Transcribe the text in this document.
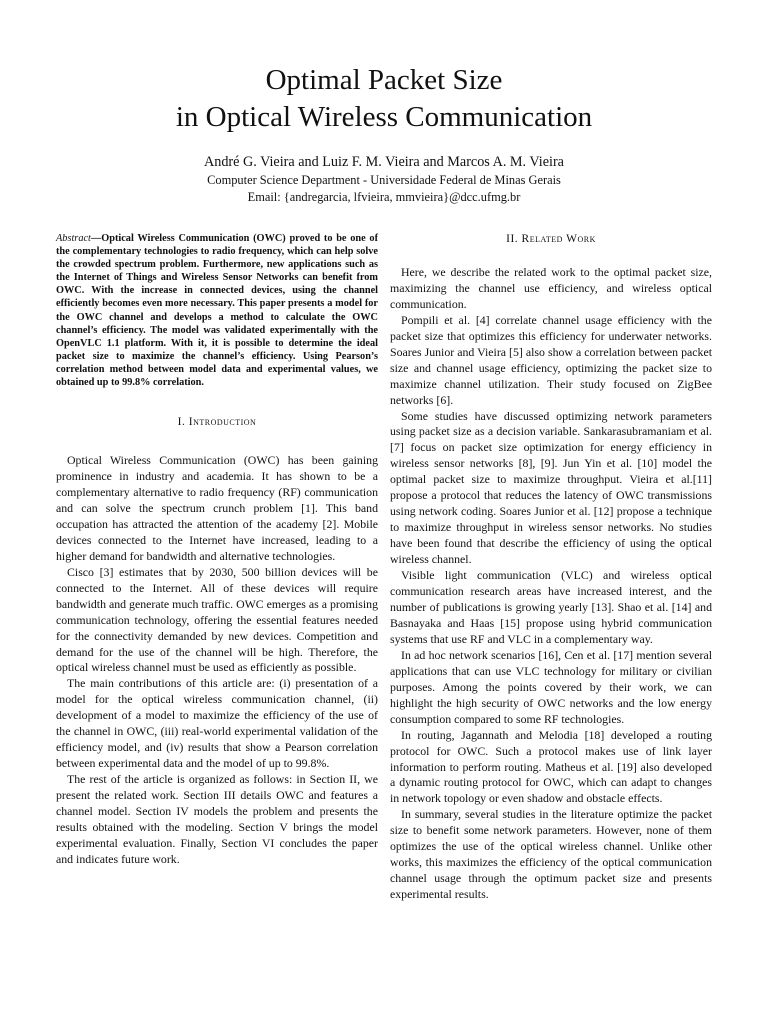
Optimal Packet Size
in Optical Wireless Communication
André G. Vieira and Luiz F. M. Vieira and Marcos A. M. Vieira
Computer Science Department - Universidade Federal de Minas Gerais
Email: {andregarcia, lfvieira, mmvieira}@dcc.ufmg.br

Abstract—Optical Wireless Communication (OWC) proved to be one of the complementary technologies to radio frequency, which can help solve the crowded spectrum problem. Furthermore, new applications such as the Internet of Things and Wireless Sensor Networks can benefit from OWC. With the increase in connected devices, using the channel efficiently becomes even more necessary. This paper presents a model for the OWC channel and develops a method to calculate the OWC channel’s efficiency. The model was validated experimentally with the OpenVLC 1.1 platform. With it, it is possible to determine the ideal packet size to maximize the channel’s efficiency. Using Pearson’s correlation method between model data and experimental values, we obtained up to 99.8% correlation.

I. Introduction

Optical Wireless Communication (OWC) has been gaining prominence in industry and academia. It has shown to be a complementary alternative to radio frequency (RF) communication and can solve the spectrum crunch problem [1]. This band occupation has attracted the attention of the academy [2]. Mobile devices connected to the Internet have increased, leading to a higher demand for bandwidth and alternative technologies.

Cisco [3] estimates that by 2030, 500 billion devices will be connected to the Internet. All of these devices will require bandwidth and generate much traffic. OWC emerges as a promising communication technology, offering the essential features needed for the connectivity demanded by new devices. Competition and demand for the use of the channel will be high. Therefore, the optical wireless channel must be used as efficiently as possible.

The main contributions of this article are: (i) presentation of a model for the optical wireless communication channel, (ii) development of a model to maximize the efficiency of the use of the channel in OWC, (iii) real-world experimental validation of the efficiency model, and (iv) results that show a Pearson correlation between experimental data and the model of up to 99.8%.

The rest of the article is organized as follows: in Section II, we present the related work. Section III details OWC and features a channel model. Section IV models the problem and presents the results obtained with the modeling. Section V brings the model experimental evaluation. Finally, Section VI concludes the paper and indicates future work.

II. Related Work

Here, we describe the related work to the optimal packet size, maximizing the channel use efficiency, and wireless optical communication.

Pompili et al. [4] correlate channel usage efficiency with the packet size that optimizes this efficiency for underwater networks. Soares Junior and Vieira [5] also show a correlation between packet size and channel usage efficiency, optimizing the packet size to maximize channel utilization. Their study focused on ZigBee networks [6].

Some studies have discussed optimizing network parameters using packet size as a decision variable. Sankarasubramaniam et al. [7] focus on packet size optimization for energy efficiency in wireless sensor networks [8], [9]. Jun Yin et al. [10] model the optimal packet size to maximize throughput. Vieira et al.[11] propose a protocol that reduces the latency of OWC transmissions using network coding. Soares Junior et al. [12] propose a technique to maximize throughput in wireless sensor networks. No studies have been found that describe the efficiency of using the optical wireless channel.

Visible light communication (VLC) and wireless optical communication research areas have increased interest, and the number of publications is growing yearly [13]. Shao et al. [14] and Basnayaka and Haas [15] propose using hybrid communication systems that use RF and VLC in a complementary way.

In ad hoc network scenarios [16], Cen et al. [17] mention several applications that can use VLC technology for military or civilian purposes. Among the points covered by their work, we can highlight the high security of OWC networks and the low energy consumption compared to some RF technologies.

In routing, Jagannath and Melodia [18] developed a routing protocol for OWC. Such a protocol makes use of link layer information to perform routing. Matheus et al. [19] also developed a dynamic routing protocol for OWC, which can adapt to changes in network topology or even shadow and obstacle effects.

In summary, several studies in the literature optimize the packet size to benefit some network parameters. However, none of them optimizes the use of the optical wireless channel. Unlike other works, this maximizes the efficiency of the optical communication channel usage through the optimum packet size and presents experimental results.
